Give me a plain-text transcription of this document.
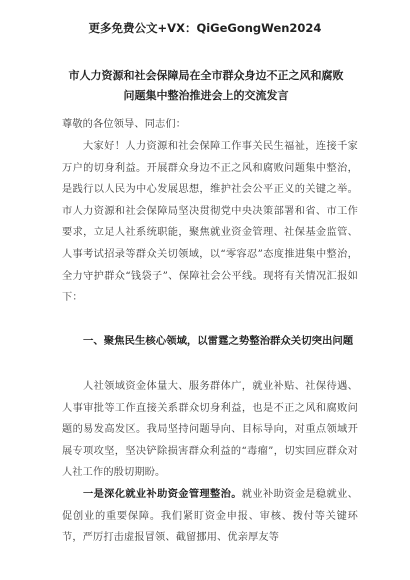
更多免费公文+VX：QiGeGongWen2024
市人力资源和社会保障局在全市群众身边不正之风和腐败
问题集中整治推进会上的交流发言
尊敬的各位领导、同志们：
大家好！人力资源和社会保障工作事关民生福祉，连接千家万户的切身利益。开展群众身边不正之风和腐败问题集中整治，是践行以人民为中心发展思想，维护社会公平正义的关键之举。市人力资源和社会保障局坚决贯彻党中央决策部署和省、市工作要求，立足人社系统职能，聚焦就业资金管理、社保基金监管、人事考试招录等群众关切领域，以“零容忍”态度推进集中整治，全力守护群众“钱袋子”、保障社会公平线。现将有关情况汇报如下：
一、聚焦民生核心领域，以雷霆之势整治群众关切突出问题
人社领域资金体量大、服务群体广，就业补贴、社保待遇、人事审批等工作直接关系群众切身利益，也是不正之风和腐败问题的易发高发区。我局坚持问题导向、目标导向，对重点领域开展专项攻坚，坚决铲除损害群众利益的“毒瘤”，切实回应群众对人社工作的殷切期盼。
一是深化就业补助资金管理整治。就业补助资金是稳就业、促创业的重要保障。我们紧盯资金申报、审核、拨付等关键环节，严厉打击虚报冒领、截留挪用、优亲厚友等
